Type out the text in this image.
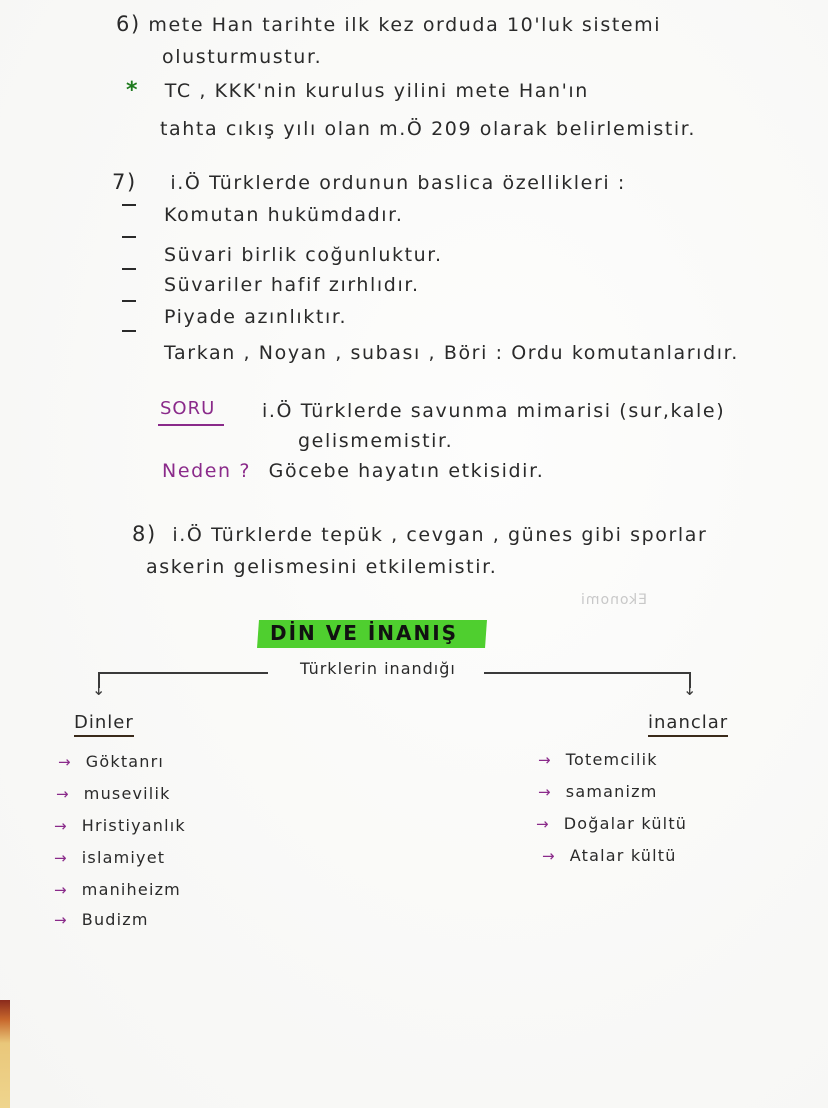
6) mete Han tarihte ilk kez orduda 10'luk sistemi
olusturmustur.
* TC , KKK'nin kurulus yilini mete Han'ın
tahta cıkış yılı olan m.Ö 209 olarak belirlemistir.
7) i.Ö Türklerde ordunun baslica özellikleri :
Komutan hukümdadır.
Süvari birlik coğunluktur.
Süvariler hafif zırhlıdır.
Piyade azınlıktır.
Tarkan , Noyan , subası , Böri : Ordu komutanlarıdır.
SORU i.Ö Türklerde savunma mimarisi (sur,kale)
gelismemistir.
Neden ? Göcebe hayatın etkisidir.
8) i.Ö Türklerde tepük , cevgan , günes gibi sporlar
askerin gelismesini etkilemistir.
Ekonomi
DİN VE İNANIŞ
↓
Türklerin inandığı
↓
Dinler	inanclar
→ Göktanrı
→ musevilik
→ Hristiyanlık
→ islamiyet
→ maniheizm
→ Budizm
→ Totemcilik
→ samanizm
→ Doğalar kültü
→ Atalar kültü
